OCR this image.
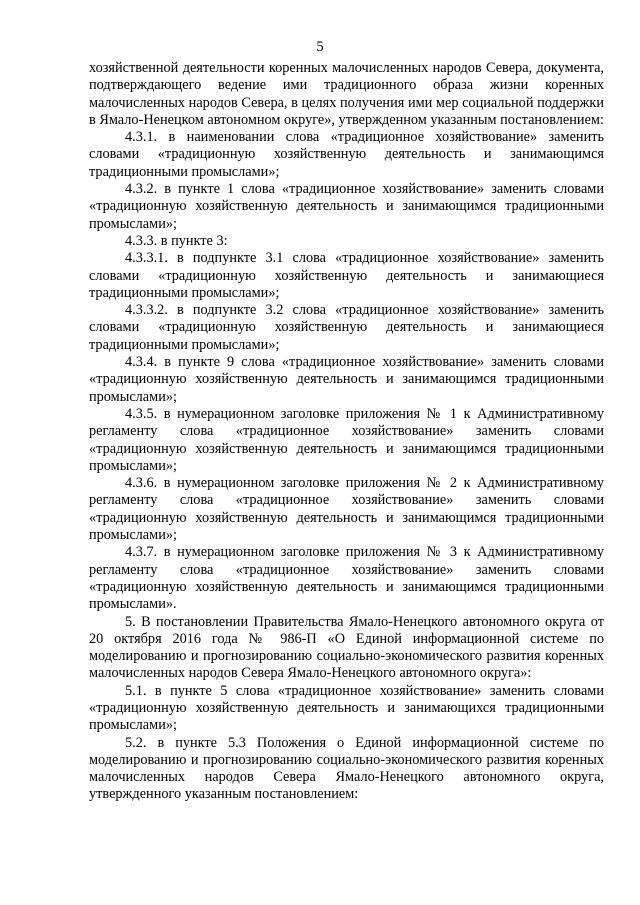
5

хозяйственной деятельности коренных малочисленных народов Севера, документа, подтверждающего ведение ими традиционного образа жизни коренных малочисленных народов Севера, в целях получения ими мер социальной поддержки в Ямало-Ненецком автономном округе», утвержденном указанным постановлением:

4.3.1. в наименовании слова «традиционное хозяйствование» заменить словами «традиционную хозяйственную деятельность и занимающимся традиционными промыслами»;

4.3.2. в пункте 1 слова «традиционное хозяйствование» заменить словами «традиционную хозяйственную деятельность и занимающимся традиционными промыслами»;

4.3.3. в пункте 3:

4.3.3.1. в подпункте 3.1 слова «традиционное хозяйствование» заменить словами «традиционную хозяйственную деятельность и занимающиеся традиционными промыслами»;

4.3.3.2. в подпункте 3.2 слова «традиционное хозяйствование» заменить словами «традиционную хозяйственную деятельность и занимающиеся традиционными промыслами»;

4.3.4. в пункте 9 слова «традиционное хозяйствование» заменить словами «традиционную хозяйственную деятельность и занимающимся традиционными промыслами»;

4.3.5. в нумерационном заголовке приложения № 1 к Административному регламенту слова «традиционное хозяйствование» заменить словами «традиционную хозяйственную деятельность и занимающимся традиционными промыслами»;

4.3.6. в нумерационном заголовке приложения № 2 к Административному регламенту слова «традиционное хозяйствование» заменить словами «традиционную хозяйственную деятельность и занимающимся традиционными промыслами»;

4.3.7. в нумерационном заголовке приложения № 3 к Административному регламенту слова «традиционное хозяйствование» заменить словами «традиционную хозяйственную деятельность и занимающимся традиционными промыслами».

5. В постановлении Правительства Ямало-Ненецкого автономного округа от 20 октября 2016 года № 986-П «О Единой информационной системе по моделированию и прогнозированию социально-экономического развития коренных малочисленных народов Севера Ямало-Ненецкого автономного округа»:

5.1. в пункте 5 слова «традиционное хозяйствование» заменить словами «традиционную хозяйственную деятельность и занимающихся традиционными промыслами»;

5.2. в пункте 5.3 Положения о Единой информационной системе по моделированию и прогнозированию социально-экономического развития коренных малочисленных народов Севера Ямало-Ненецкого автономного округа, утвержденного указанным постановлением:
